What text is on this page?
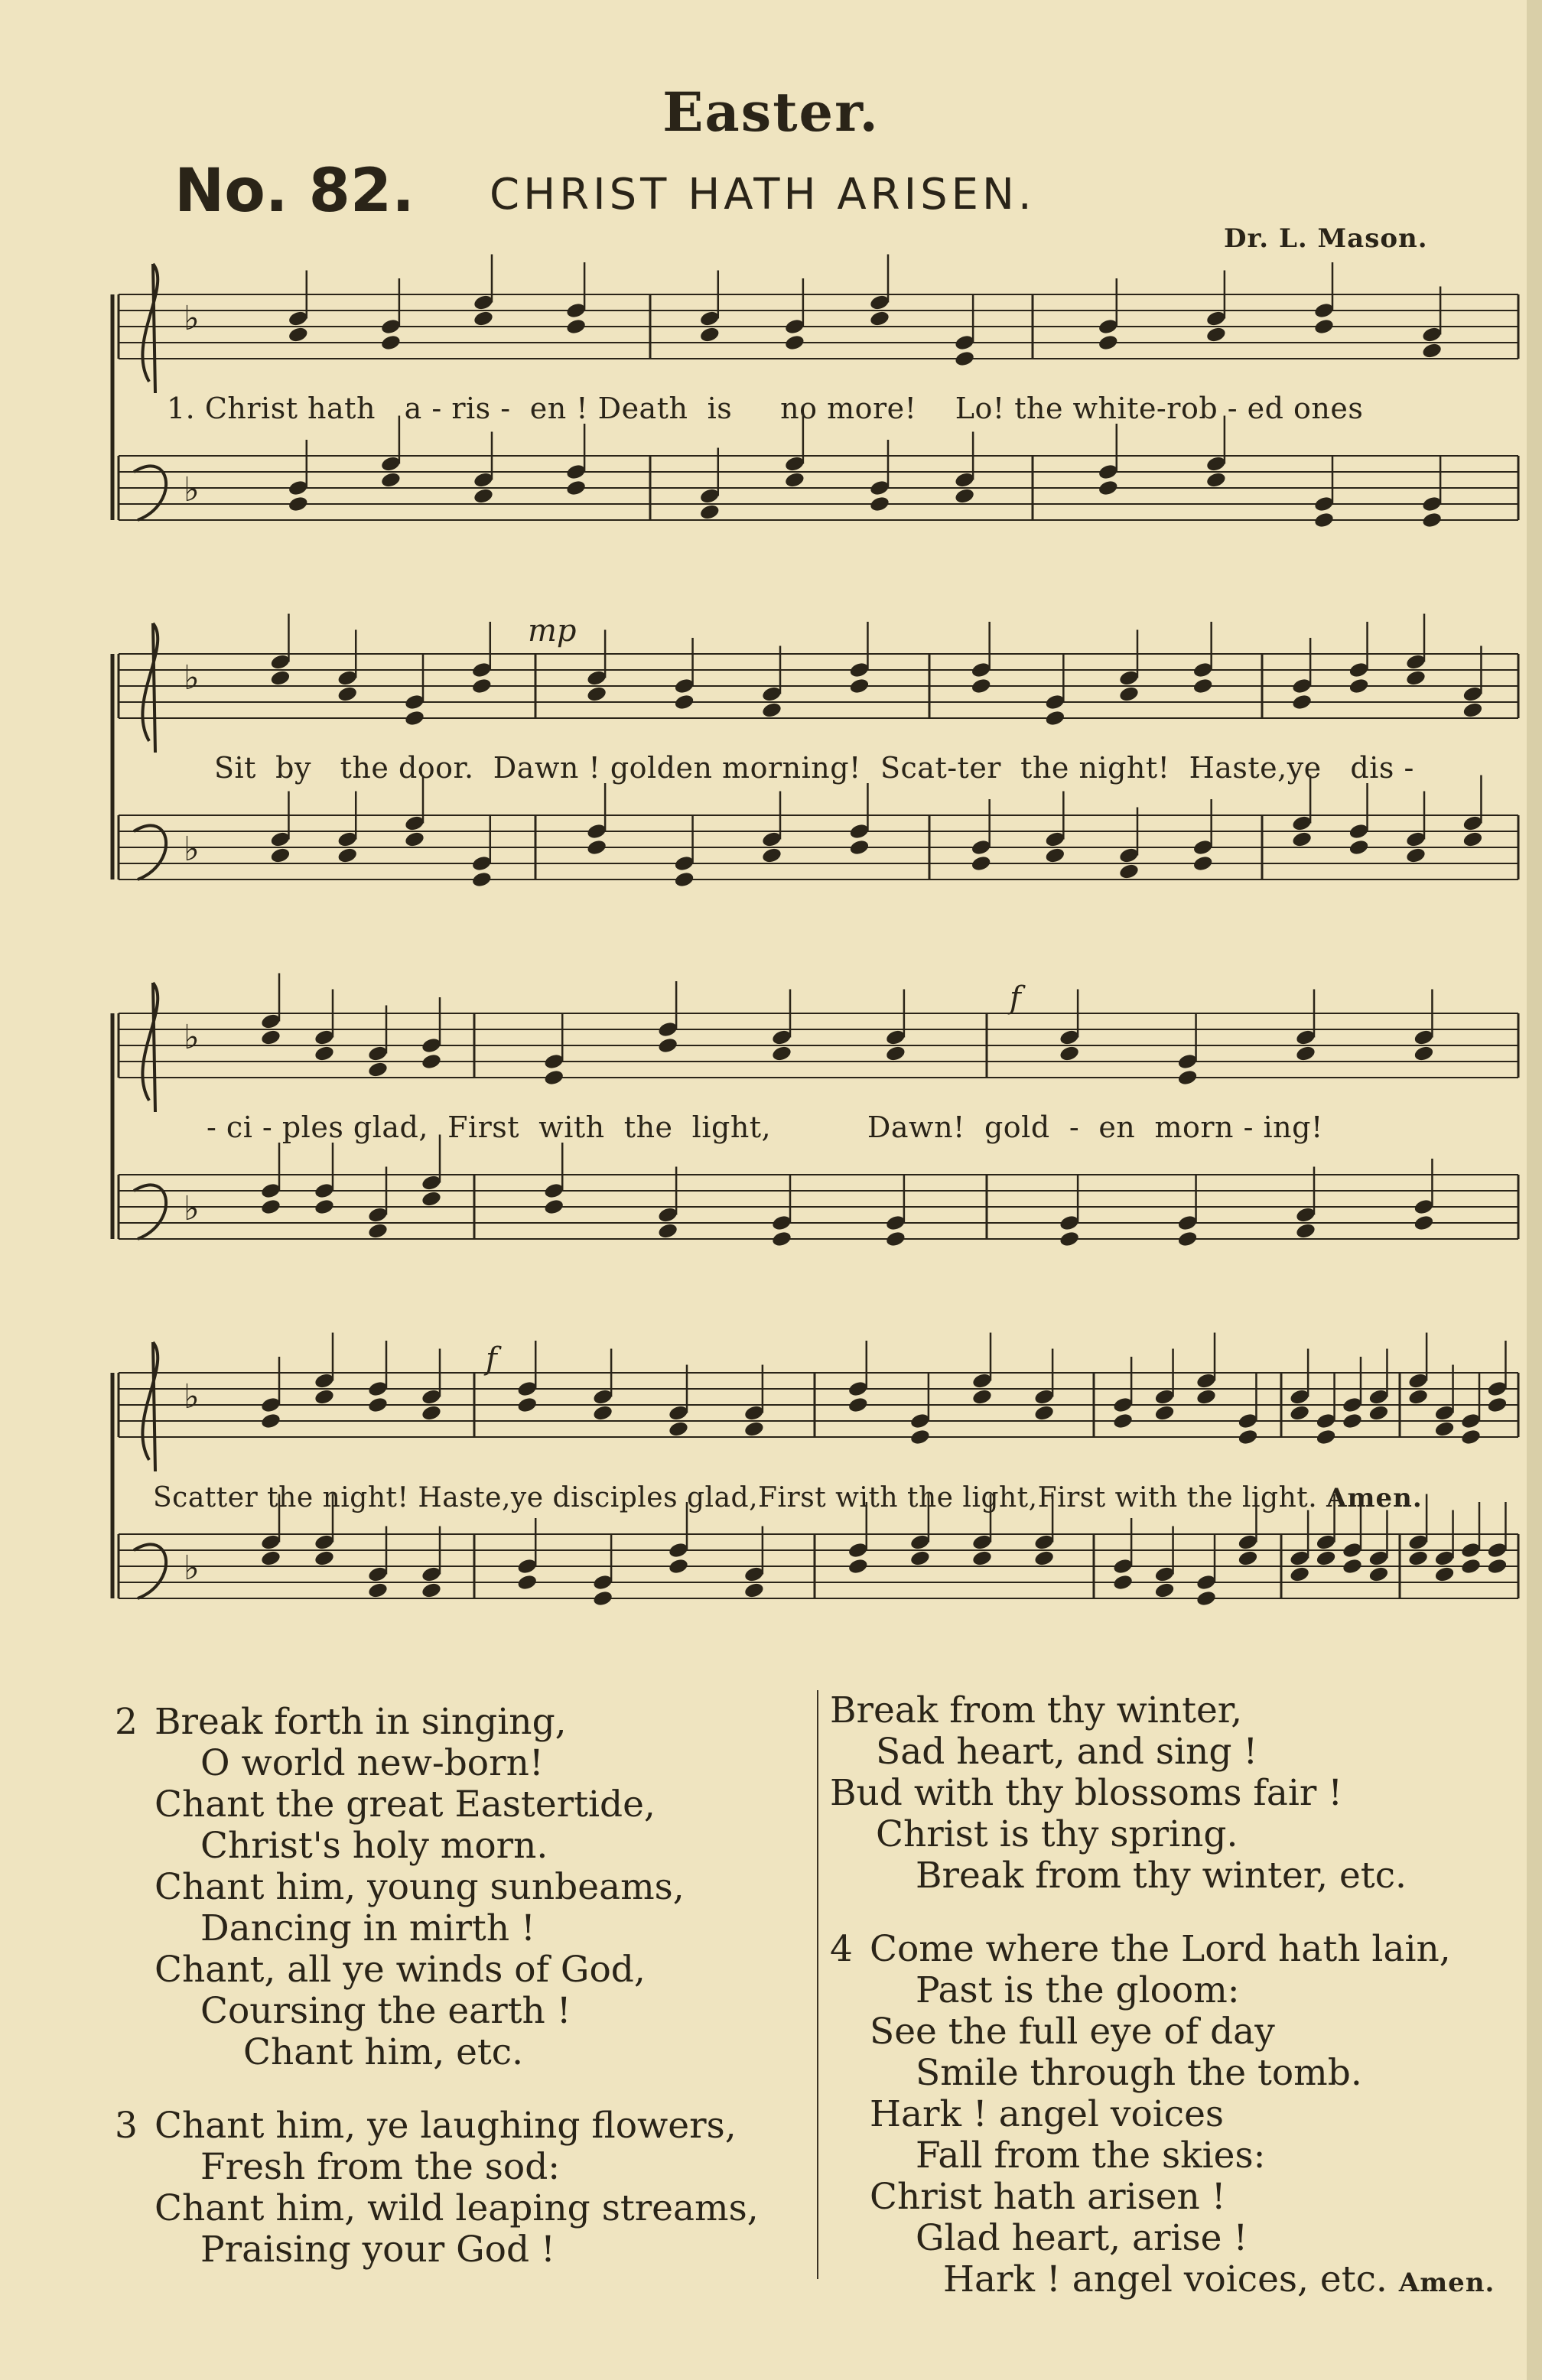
Easter.
No. 82. CHRIST HATH ARISEN.
Dr. L. Mason.
♭
♭
♭
♭
♭
♭
♭
♭
mp
f
f
1. Christ hath   a - ris -  en ! Death  is     no more!    Lo! the white-rob - ed ones
Sit  by   the door.  Dawn ! golden morning!  Scat-ter  the night!  Haste,ye   dis -
- ci - ples glad,  First  with  the  light,          Dawn!  gold  -  en  morn - ing!
Scatter the night! Haste,ye disciples glad,First with the light,First with the light. Amen.
2 Break forth in singing,
O world new-born!
Chant the great Eastertide,
Christ's holy morn.
Chant him, young sunbeams,
Dancing in mirth !
Chant, all ye winds of God,
Coursing the earth !
Chant him, etc.
3 Chant him, ye laughing flowers,
Fresh from the sod:
Chant him, wild leaping streams,
Praising your God !
Break from thy winter,
Sad heart, and sing !
Bud with thy blossoms fair !
Christ is thy spring.
Break from thy winter, etc.
4 Come where the Lord hath lain,
Past is the gloom:
See the full eye of day
Smile through the tomb.
Hark ! angel voices
Fall from the skies:
Christ hath arisen !
Glad heart, arise !
Hark ! angel voices, etc. Amen.
